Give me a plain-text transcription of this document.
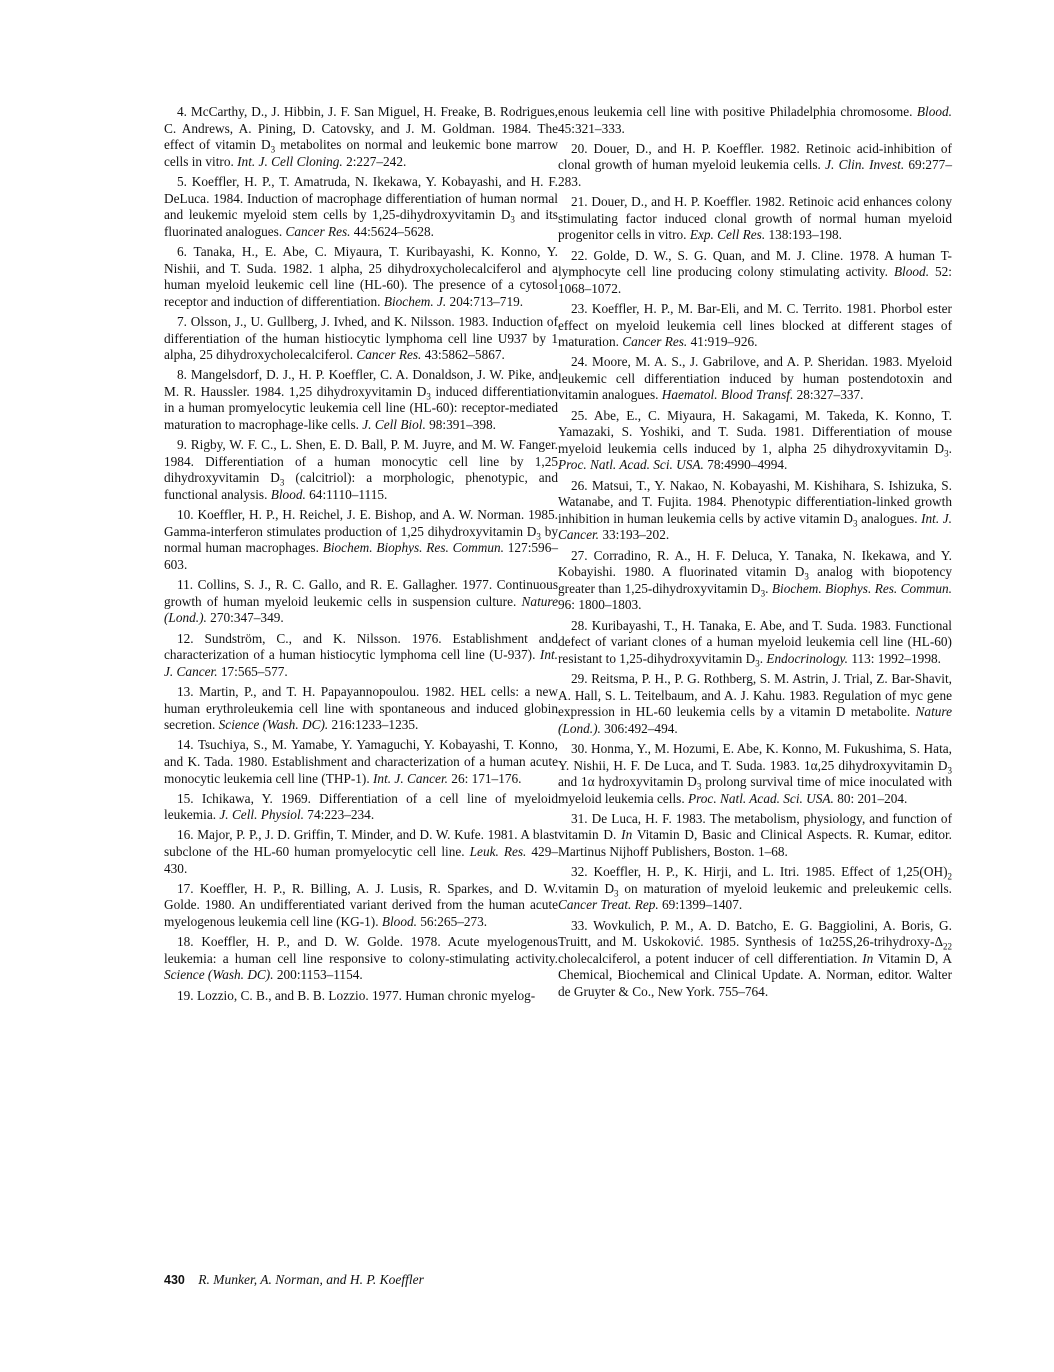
4. McCarthy, D., J. Hibbin, J. F. San Miguel, H. Freake, B. Rodrigues, C. Andrews, A. Pining, D. Catovsky, and J. M. Goldman. 1984. The effect of vitamin $D_3$ metabolites on normal and leukemic bone marrow cells in vitro. Int. J. Cell Cloning. 2:227–242.

5. Koeffler, H. P., T. Amatruda, N. Ikekawa, Y. Kobayashi, and H. F. DeLuca. 1984. Induction of macrophage differentiation of human normal and leukemic myeloid stem cells by 1,25-dihydroxyvitamin $D_3$ and its fluorinated analogues. Cancer Res. 44:5624–5628.

6. Tanaka, H., E. Abe, C. Miyaura, T. Kuribayashi, K. Konno, Y. Nishii, and T. Suda. 1982. 1 alpha, 25 dihydroxycholecalciferol and a human myeloid leukemic cell line (HL-60). The presence of a cytosol receptor and induction of differentiation. Biochem. J. 204:713–719.

7. Olsson, J., U. Gullberg, J. Ivhed, and K. Nilsson. 1983. Induction of differentiation of the human histiocytic lymphoma cell line U937 by 1 alpha, 25 dihydroxycholecalciferol. Cancer Res. 43:5862–5867.

8. Mangelsdorf, D. J., H. P. Koeffler, C. A. Donaldson, J. W. Pike, and M. R. Haussler. 1984. 1,25 dihydroxyvitamin $D_3$ induced differentiation in a human promyelocytic leukemia cell line (HL-60): receptor-mediated maturation to macrophage-like cells. J. Cell Biol. 98:391–398.

9. Rigby, W. F. C., L. Shen, E. D. Ball, P. M. Juyre, and M. W. Fanger. 1984. Differentiation of a human monocytic cell line by 1,25 dihydroxyvitamin $D_3$ (calcitriol): a morphologic, phenotypic, and functional analysis. Blood. 64:1110–1115.

10. Koeffler, H. P., H. Reichel, J. E. Bishop, and A. W. Norman. 1985. Gamma-interferon stimulates production of 1,25 dihydroxyvitamin $D_3$ by normal human macrophages. Biochem. Biophys. Res. Commun. 127:596–603.

11. Collins, S. J., R. C. Gallo, and R. E. Gallagher. 1977. Continuous growth of human myeloid leukemic cells in suspension culture. Nature (Lond.). 270:347–349.

12. Sundström, C., and K. Nilsson. 1976. Establishment and characterization of a human histiocytic lymphoma cell line (U-937). Int. J. Cancer. 17:565–577.

13. Martin, P., and T. H. Papayannopoulou. 1982. HEL cells: a new human erythroleukemia cell line with spontaneous and induced globin secretion. Science (Wash. DC). 216:1233–1235.

14. Tsuchiya, S., M. Yamabe, Y. Yamaguchi, Y. Kobayashi, T. Konno, and K. Tada. 1980. Establishment and characterization of a human acute monocytic leukemia cell line (THP-1). Int. J. Cancer. 26: 171–176.

15. Ichikawa, Y. 1969. Differentiation of a cell line of myeloid leukemia. J. Cell. Physiol. 74:223–234.

16. Major, P. P., J. D. Griffin, T. Minder, and D. W. Kufe. 1981. A blast subclone of the HL-60 human promyelocytic cell line. Leuk. Res. 429–430.

17. Koeffler, H. P., R. Billing, A. J. Lusis, R. Sparkes, and D. W. Golde. 1980. An undifferentiated variant derived from the human acute myelogenous leukemia cell line (KG-1). Blood. 56:265–273.

18. Koeffler, H. P., and D. W. Golde. 1978. Acute myelogenous leukemia: a human cell line responsive to colony-stimulating activity. Science (Wash. DC). 200:1153–1154.

19. Lozzio, C. B., and B. B. Lozzio. 1977. Human chronic myelog-

enous leukemia cell line with positive Philadelphia chromosome. Blood. 45:321–333.

20. Douer, D., and H. P. Koeffler. 1982. Retinoic acid-inhibition of clonal growth of human myeloid leukemia cells. J. Clin. Invest. 69:277–283.

21. Douer, D., and H. P. Koeffler. 1982. Retinoic acid enhances colony stimulating factor induced clonal growth of normal human myeloid progenitor cells in vitro. Exp. Cell Res. 138:193–198.

22. Golde, D. W., S. G. Quan, and M. J. Cline. 1978. A human T-lymphocyte cell line producing colony stimulating activity. Blood. 52: 1068–1072.

23. Koeffler, H. P., M. Bar-Eli, and M. C. Territo. 1981. Phorbol ester effect on myeloid leukemia cell lines blocked at different stages of maturation. Cancer Res. 41:919–926.

24. Moore, M. A. S., J. Gabrilove, and A. P. Sheridan. 1983. Myeloid leukemic cell differentiation induced by human postendotoxin and vitamin analogues. Haematol. Blood Transf. 28:327–337.

25. Abe, E., C. Miyaura, H. Sakagami, M. Takeda, K. Konno, T. Yamazaki, S. Yoshiki, and T. Suda. 1981. Differentiation of mouse myeloid leukemia cells induced by 1, alpha 25 dihydroxyvitamin $D_3$. Proc. Natl. Acad. Sci. USA. 78:4990–4994.

26. Matsui, T., Y. Nakao, N. Kobayashi, M. Kishihara, S. Ishizuka, S. Watanabe, and T. Fujita. 1984. Phenotypic differentiation-linked growth inhibition in human leukemia cells by active vitamin $D_3$ analogues. Int. J. Cancer. 33:193–202.

27. Corradino, R. A., H. F. Deluca, Y. Tanaka, N. Ikekawa, and Y. Kobayishi. 1980. A fluorinated vitamin $D_3$ analog with biopotency greater than 1,25-dihydroxyvitamin $D_3$. Biochem. Biophys. Res. Commun. 96: 1800–1803.

28. Kuribayashi, T., H. Tanaka, E. Abe, and T. Suda. 1983. Functional defect of variant clones of a human myeloid leukemia cell line (HL-60) resistant to 1,25-dihydroxyvitamin $D_3$. Endocrinology. 113: 1992–1998.

29. Reitsma, P. H., P. G. Rothberg, S. M. Astrin, J. Trial, Z. Bar-Shavit, A. Hall, S. L. Teitelbaum, and A. J. Kahu. 1983. Regulation of myc gene expression in HL-60 leukemia cells by a vitamin D metabolite. Nature (Lond.). 306:492–494.

30. Honma, Y., M. Hozumi, E. Abe, K. Konno, M. Fukushima, S. Hata, Y. Nishii, H. F. De Luca, and T. Suda. 1983. 1α,25 dihydroxyvitamin $D_3$ and 1α hydroxyvitamin $D_3$ prolong survival time of mice inoculated with myeloid leukemia cells. Proc. Natl. Acad. Sci. USA. 80: 201–204.

31. De Luca, H. F. 1983. The metabolism, physiology, and function of vitamin D. In Vitamin D, Basic and Clinical Aspects. R. Kumar, editor. Martinus Nijhoff Publishers, Boston. 1–68.

32. Koeffler, H. P., K. Hirji, and L. Itri. 1985. Effect of $1,25(OH)_2$ vitamin $D_3$ on maturation of myeloid leukemic and preleukemic cells. Cancer Treat. Rep. 69:1399–1407.

33. Wovkulich, P. M., A. D. Batcho, E. G. Baggiolini, A. Boris, G. Truitt, and M. Uskoković. 1985. Synthesis of $1\alpha 25S,26-trihydroxy-\Delta_{22}$ cholecalciferol, a potent inducer of cell differentiation. In Vitamin D, A Chemical, Biochemical and Clinical Update. A. Norman, editor. Walter de Gruyter & Co., New York. 755–764.

430 R. Munker, A. Norman, and H. P. Koeffler
